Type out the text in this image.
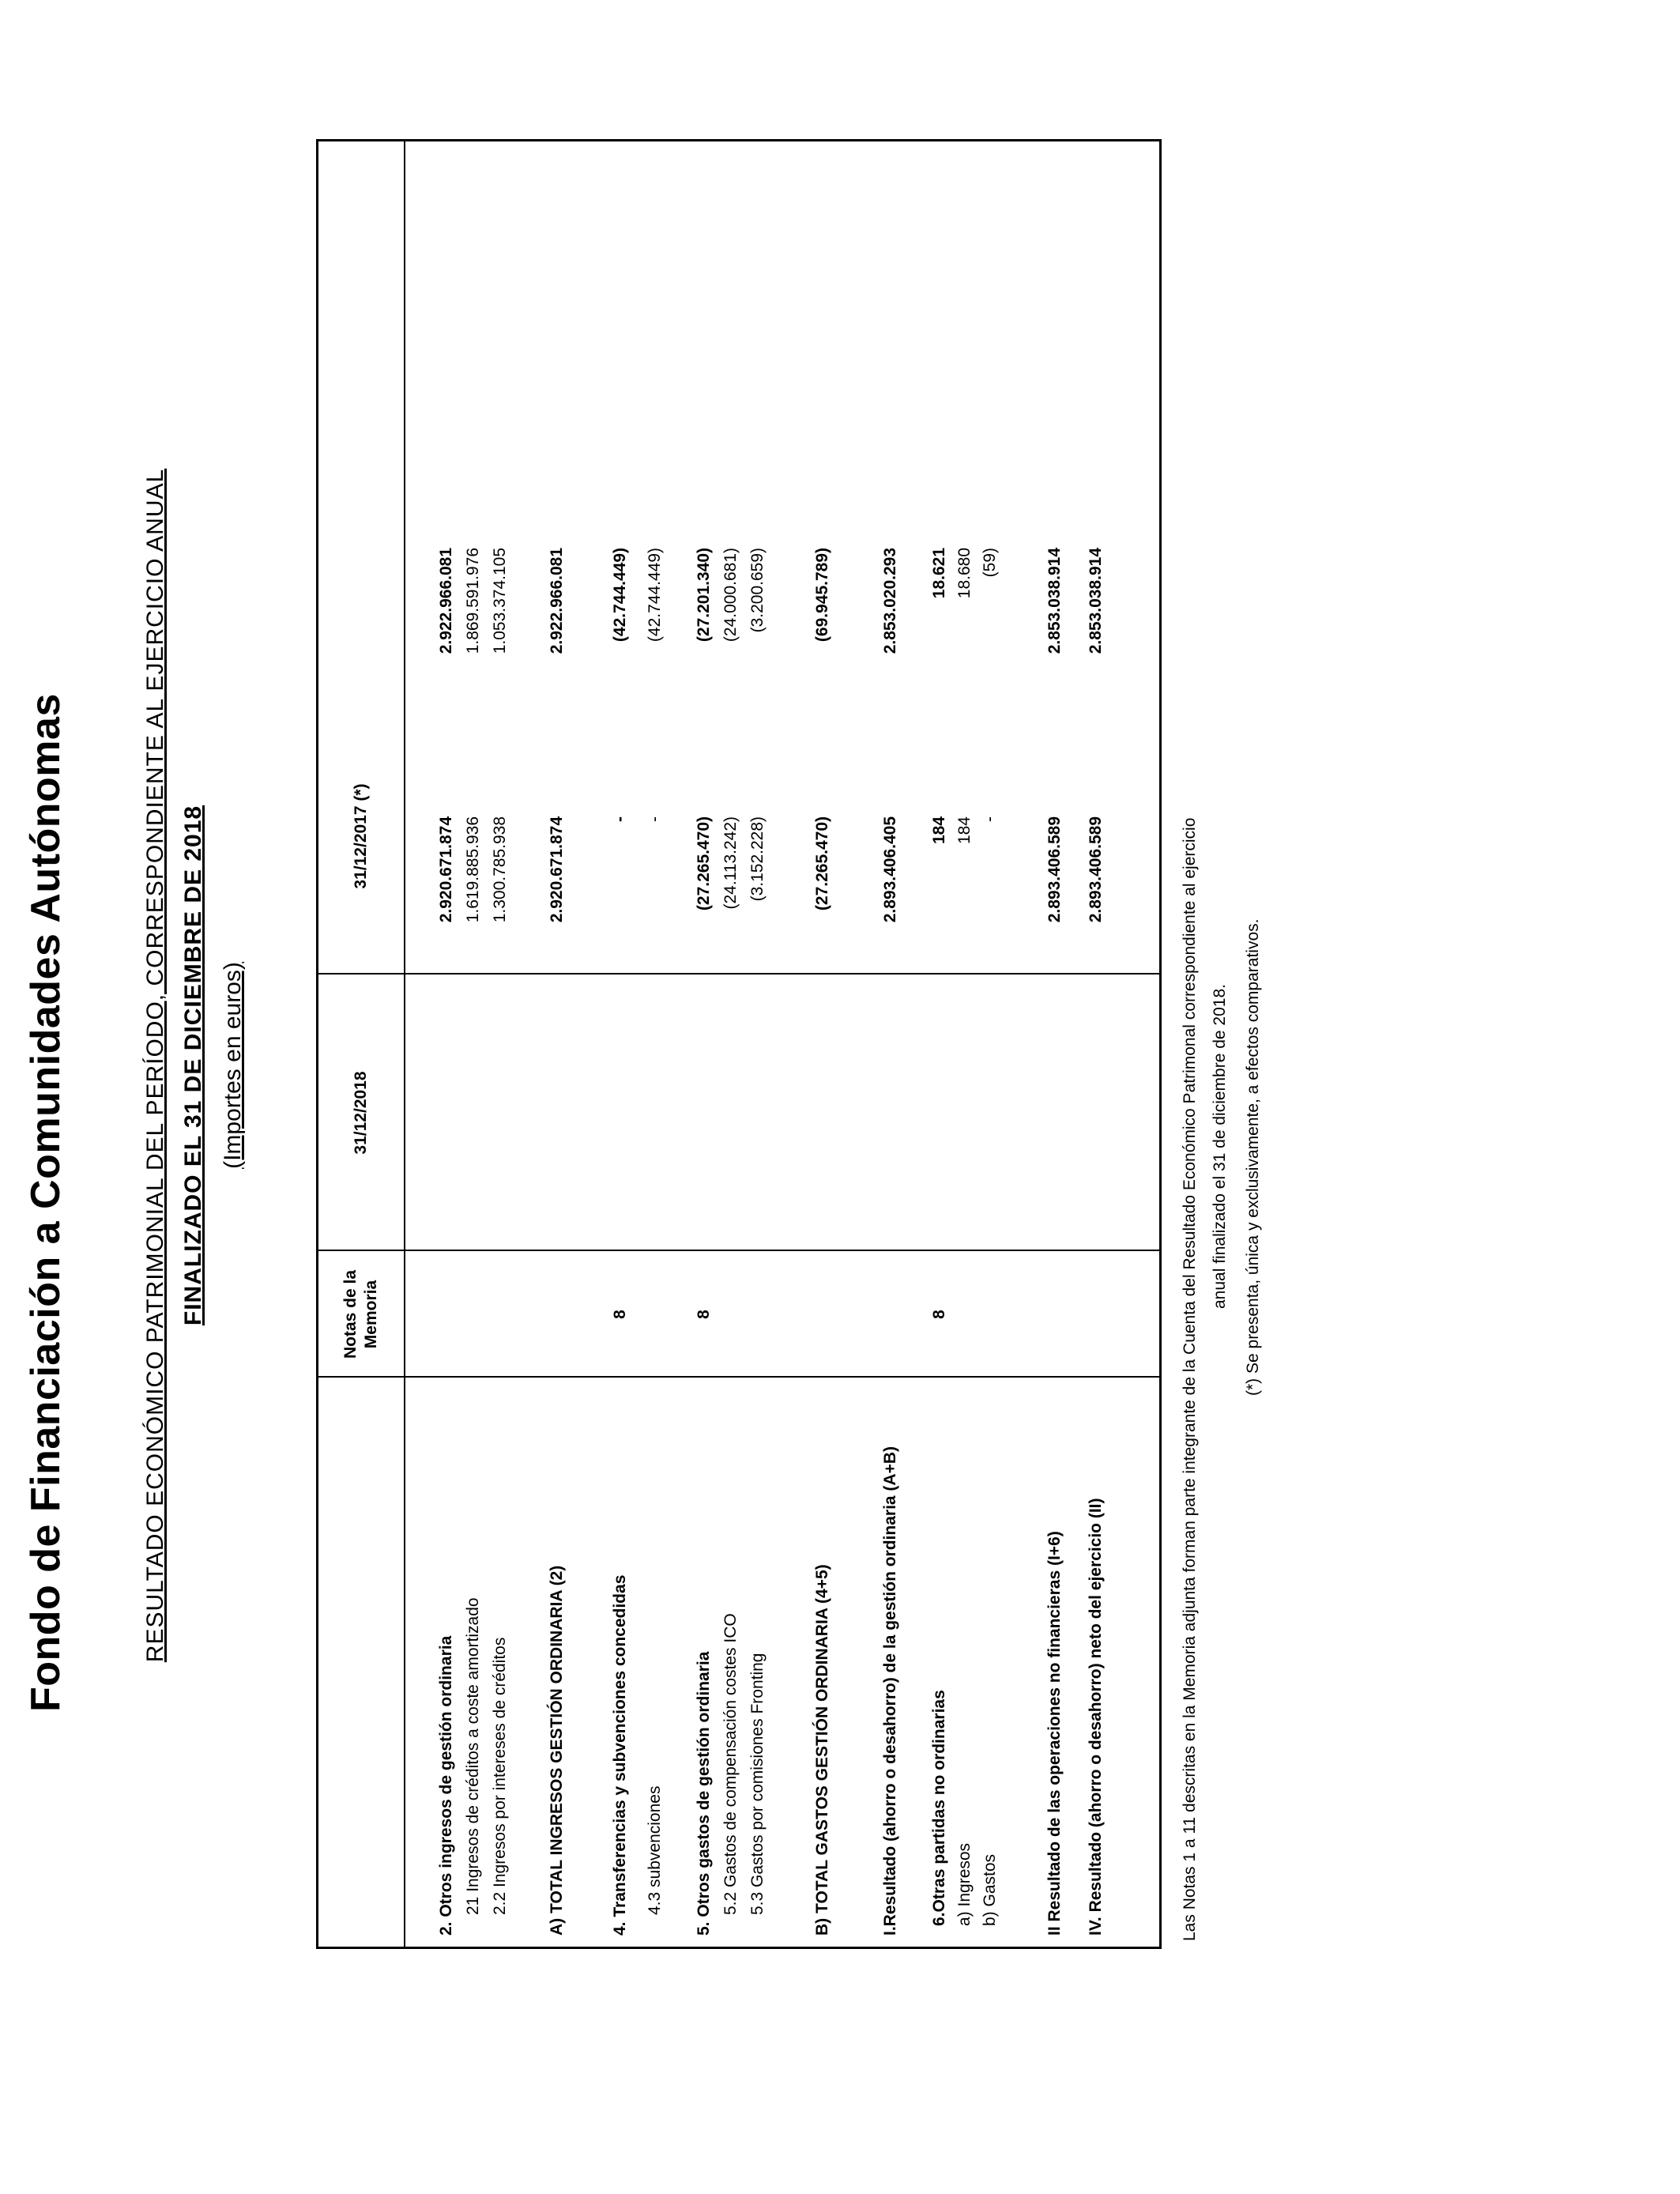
Fondo de Financiación a Comunidades Autónomas	RESULTADO ECONÓMICO PATRIMONIAL DEL PERÍODO, CORRESPONDIENTE AL EJERCICIO ANUAL FINALIZADO EL 31 DE DICIEMBRE DE 2018 (Importes en euros)
Notas de la Memoria
31/12/2018
31/12/2017 (*)
2. Otros ingresos de gestión ordinaria
2.920.671.874
2.922.966.081
21 Ingresos de créditos a coste amortizado
1.619.885.936
1.869.591.976
2.2 Ingresos por intereses de créditos
1.300.785.938
1.053.374.105
A) TOTAL INGRESOS GESTIÓN ORDINARIA (2)
2.920.671.874
2.922.966.081
4. Transferencias y subvenciones concedidas
8
-
(42.744.449)
4.3 subvenciones
-
(42.744.449)
5. Otros gastos de gestión ordinaria
8
(27.265.470)
(27.201.340)
5.2 Gastos de compensación costes ICO
(24.113.242)
(24.000.681)
5.3 Gastos por comisiones Fronting
(3.152.228)
(3.200.659)
B) TOTAL GASTOS GESTIÓN ORDINARIA (4+5)
(27.265.470)
(69.945.789)
I.Resultado (ahorro o desahorro) de la gestión ordinaria (A+B)
2.893.406.405
2.853.020.293
6.Otras partidas no ordinarias
8
184
18.621
a) Ingresos
184
18.680
b) Gastos
-
(59)
II Resultado de las operaciones no financieras (I+6)
2.893.406.589
2.853.038.914
IV. Resultado (ahorro o desahorro) neto del ejercicio (II)
2.893.406.589
2.853.038.914
Las Notas 1 a 11 descritas en la Memoria adjunta forman parte integrante de la Cuenta del Resultado Económico Patrimonal correspondiente al ejercicio anual finalizado el 31 de diciembre de 2018. (*) Se presenta, única y exclusivamente, a efectos comparativos.
